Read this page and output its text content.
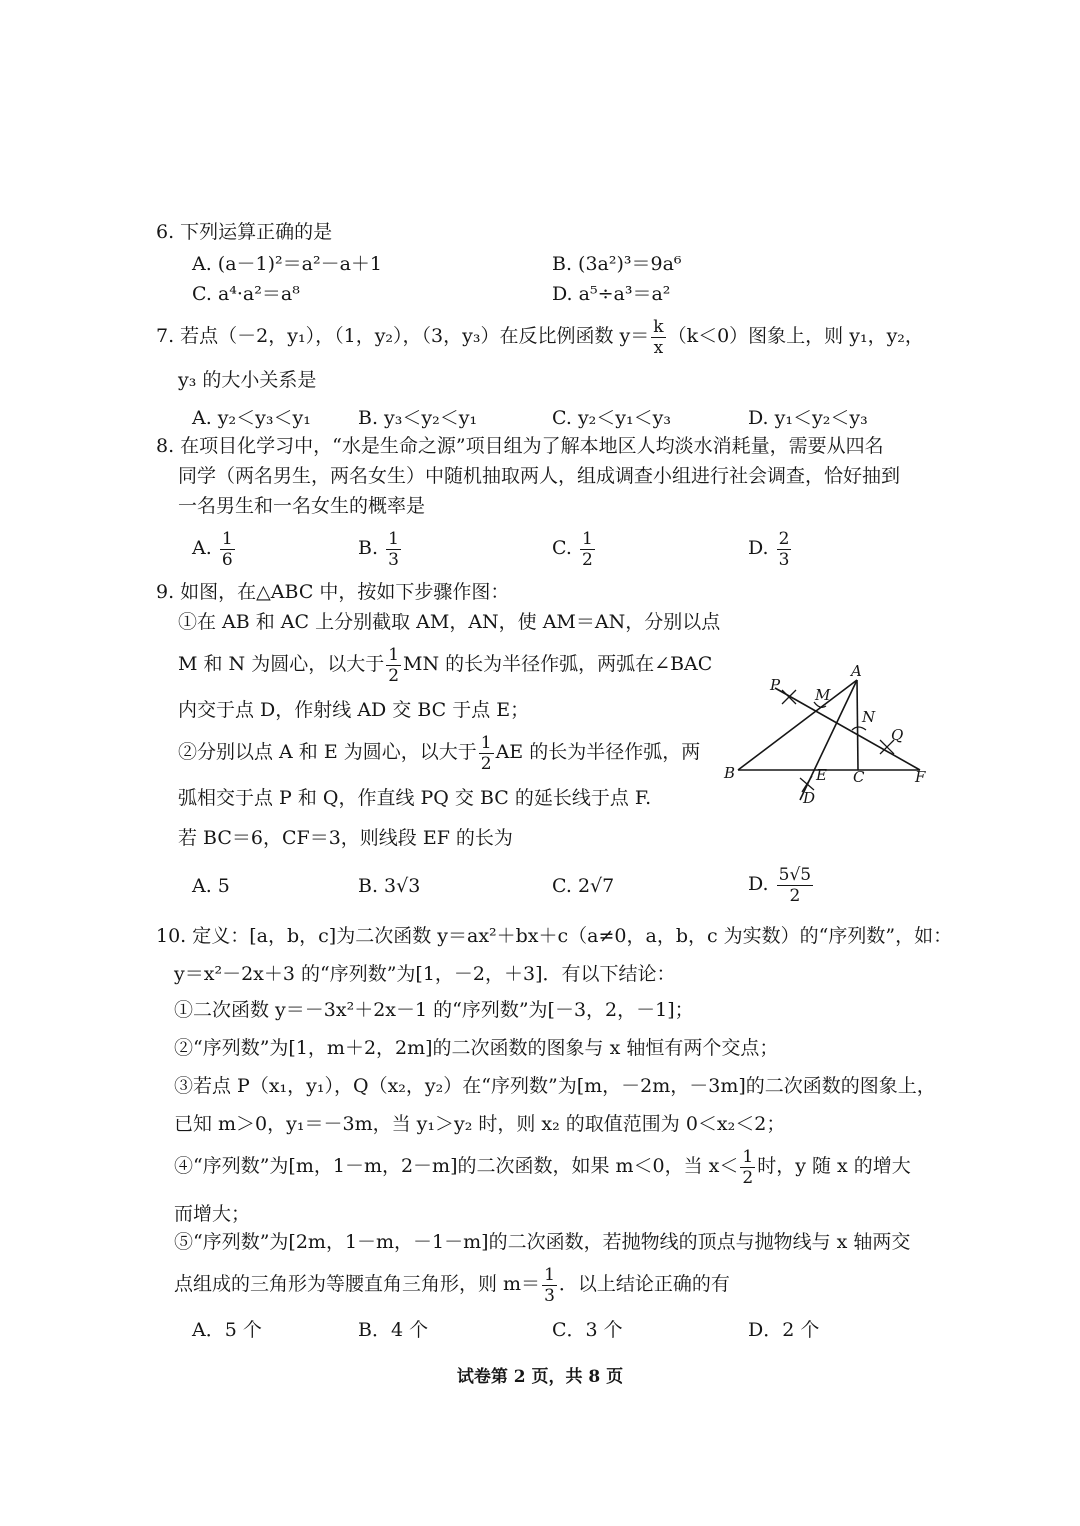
6. 下列运算正确的是
A. (a－1)²＝a²－a＋1	B. (3a²)³＝9a⁶
C. a⁴·a²＝a⁸	D. a⁵÷a³＝a²
7. 若点（－2，y₁），（1，y₂），（3，y₃）在反比例函数 $y= \frac{k}{x} (k<0)$图象上，则 y₁，y₂，
y₃ 的大小关系是
A. y₂＜y₃＜y₁ B. y₃＜y₂＜y₁	C. y₂＜y₁＜y₃	D. y₁＜y₂＜y₃
8. 在项目化学习中，“水是生命之源”项目组为了解本地区人均淡水消耗量，需要从四名
同学（两名男生，两名女生）中随机抽取两人，组成调查小组进行社会调查，恰好抽到
一名男生和一名女生的概率是
A. $\frac{1}{6}$	B. $\frac{1}{3}$	C. $\frac{1}{2}$	D. $\frac{2}{3}$
9. 如图，在△ABC 中，按如下步骤作图：
①在 AB 和 AC 上分别截取 AM，AN，使 AM＝AN，分别以点
M 和 N 为圆心，以大于 $\frac{1}{2}$ MN 的长为半径作弧，两弧在∠BAC
内交于点 D，作射线 AD 交 BC 于点 E；
②分别以点 A 和 E 为圆心，以大于 $\frac{1}{2}$ AE 的长为半径作弧，两
弧相交于点 P 和 Q，作直线 PQ 交 BC 的延长线于点 F.
若 BC＝6，CF＝3，则线段 EF 的长为
A. 5	B. 3√3	C. 2√7	D. $\frac{5√5}{2}$
A
B	C
D
E	F
M
N
P
Q
10. 定义：[a，b，c]为二次函数 y＝ax²＋bx＋c（a≠0，a，b，c 为实数）的“序列数”，如：
y＝x²－2x＋3 的“序列数”为[1，－2，＋3]．有以下结论：
①二次函数 y＝－3x²＋2x－1 的“序列数”为[－3，2，－1]；
②“序列数”为[1，m＋2，2m]的二次函数的图象与 x 轴恒有两个交点；
③若点 P（x₁，y₁），Q（x₂，y₂）在“序列数”为[m，－2m，－3m]的二次函数的图象上，
已知 m＞0，y₁＝－3m，当 y₁＞y₂ 时，则 x₂ 的取值范围为 0＜x₂＜2；
④“序列数”为[m，1－m，2－m]的二次函数，如果 m＜0，当 $x< \frac{1}{2}$ 时，y 随 x 的增大
而增大；
⑤“序列数”为[2m，1－m，－1－m]的二次函数，若抛物线的顶点与抛物线与 x 轴两交
点组成的三角形为等腰直角三角形，则 $m= \frac{1}{3}$ ．以上结论正确的有
A．5 个	B．4 个	C．3 个	D．2 个
试卷第 2 页，共 8 页
